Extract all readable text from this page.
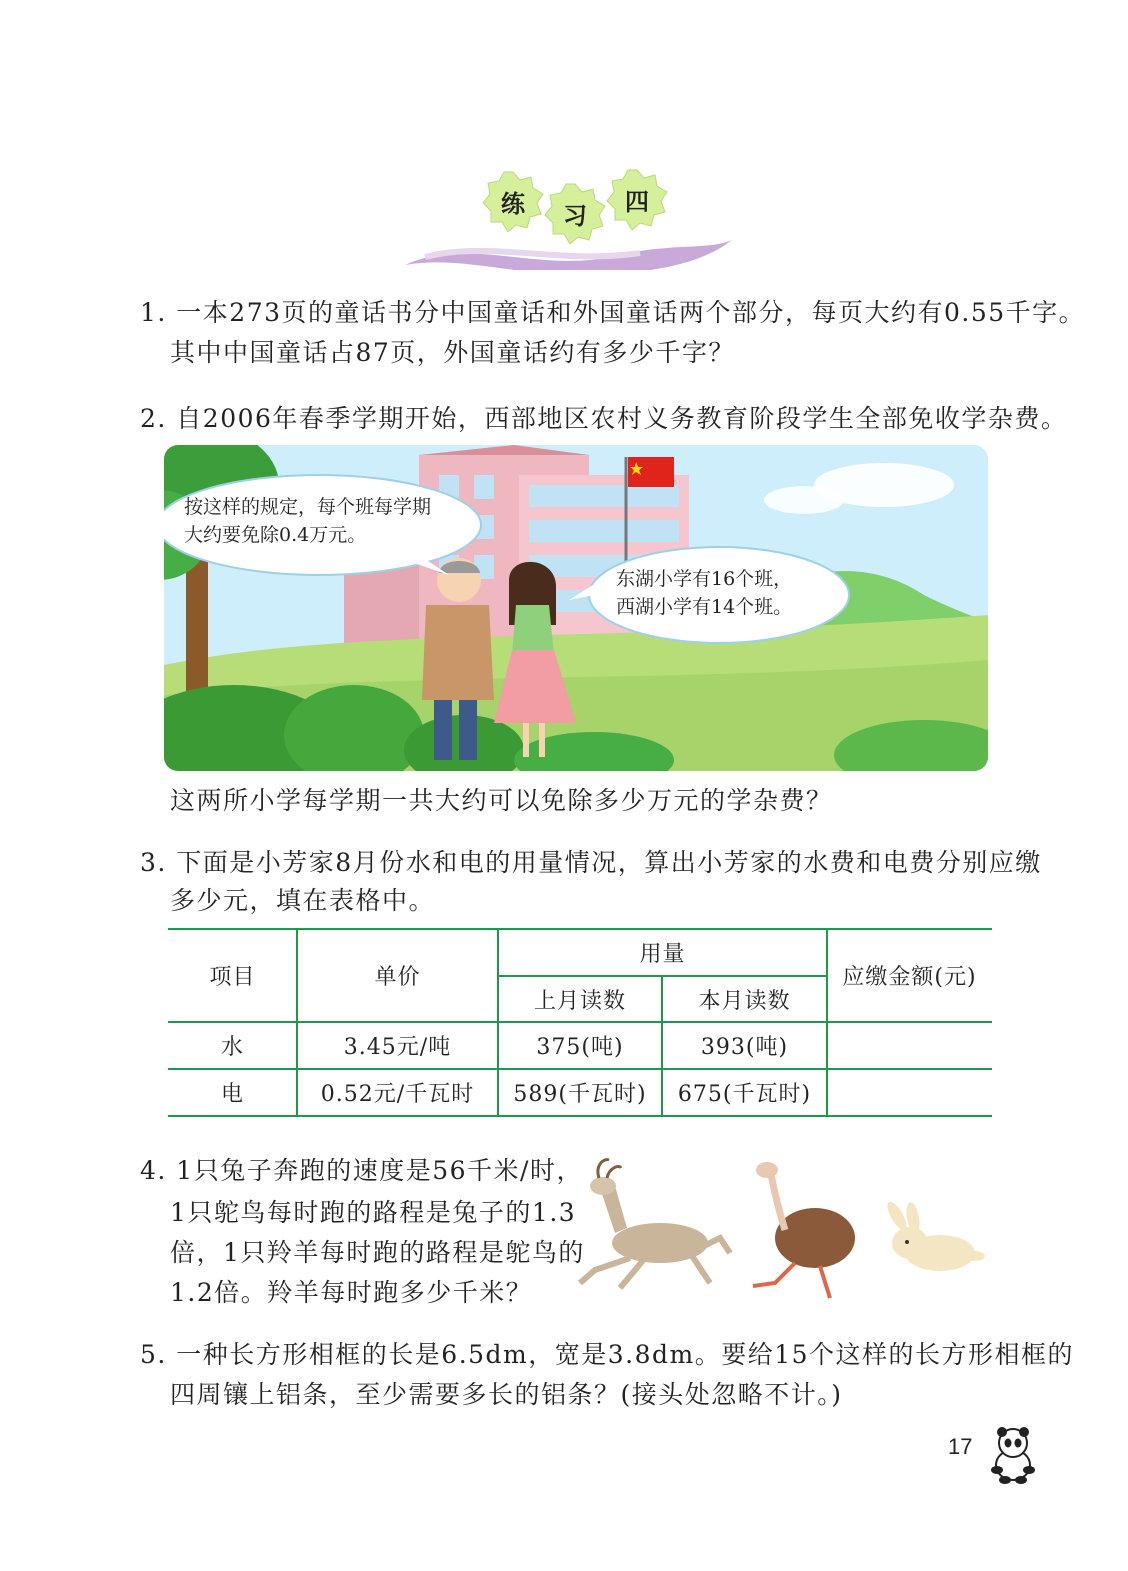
练	习	四
1. 一本273页的童话书分中国童话和外国童话两个部分，每页大约有0.55千字。
其中中国童话占87页，外国童话约有多少千字？
2. 自2006年春季学期开始，西部地区农村义务教育阶段学生全部免收学杂费。
按这样的规定，每个班每学期
大约要免除0.4万元。
东湖小学有16个班，
西湖小学有14个班。
这两所小学每学期一共大约可以免除多少万元的学杂费？
3. 下面是小芳家8月份水和电的用量情况，算出小芳家的水费和电费分别应缴
多少元，填在表格中。
项目	单价
用量
上月读数	本月读数
应缴金额(元)
水	3.45元/吨	375(吨)	393(吨)
电	0.52元/千瓦时	589(千瓦时)	675(千瓦时)
4. 1只兔子奔跑的速度是56千米/时，
1只鸵鸟每时跑的路程是兔子的1.3
倍，1只羚羊每时跑的路程是鸵鸟的
1.2倍。羚羊每时跑多少千米？
5. 一种长方形相框的长是6.5dm，宽是3.8dm。要给15个这样的长方形相框的
四周镶上铝条，至少需要多长的铝条？(接头处忽略不计。)
17
